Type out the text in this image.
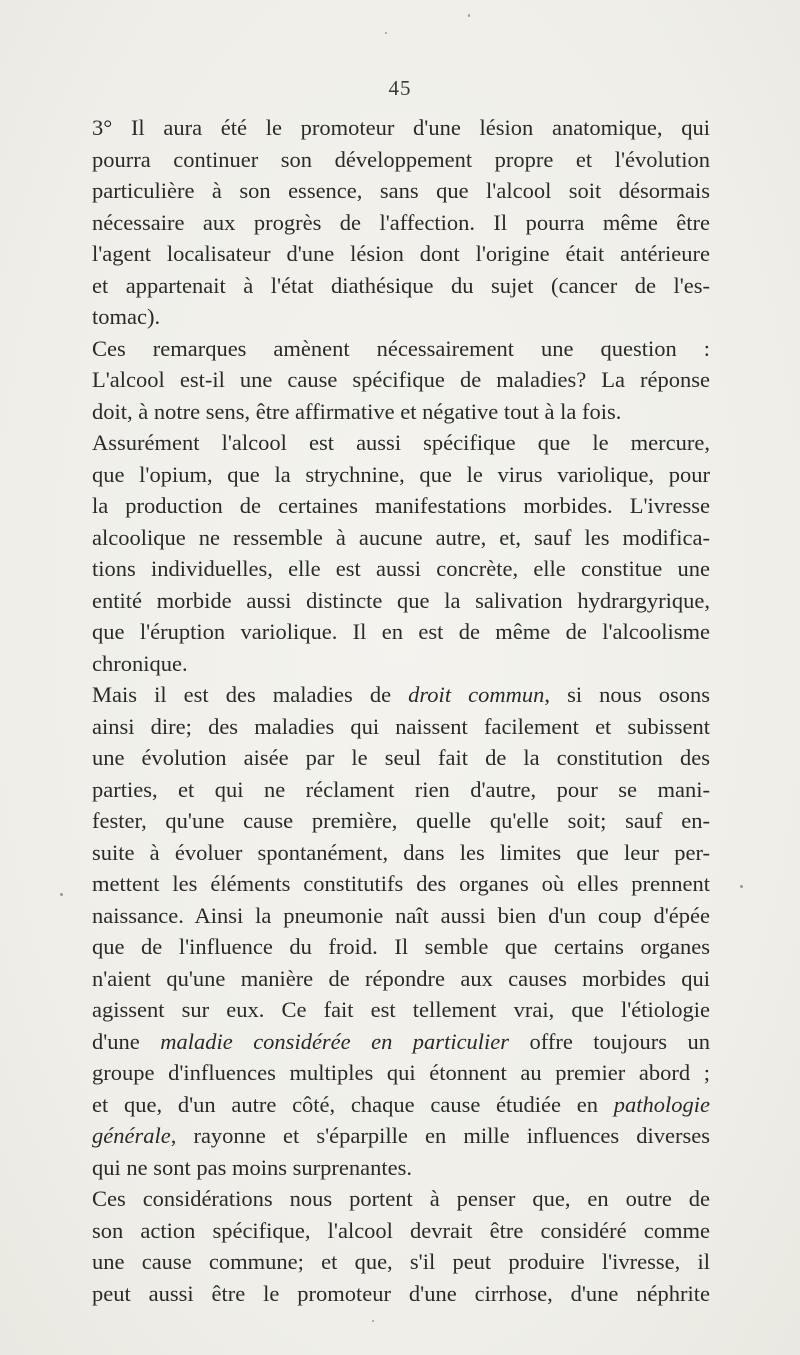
45
3° Il aura été le promoteur d'une lésion anatomique, qui
pourra continuer son développement propre et l'évolution
particulière à son essence, sans que l'alcool soit désormais
nécessaire aux progrès de l'affection. Il pourra même être
l'agent localisateur d'une lésion dont l'origine était antérieure
et appartenait à l'état diathésique du sujet (cancer de l'es-
tomac).
Ces remarques amènent nécessairement une question :
L'alcool est-il une cause spécifique de maladies? La réponse
doit, à notre sens, être affirmative et négative tout à la fois.
Assurément l'alcool est aussi spécifique que le mercure,
que l'opium, que la strychnine, que le virus variolique, pour
la production de certaines manifestations morbides. L'ivresse
alcoolique ne ressemble à aucune autre, et, sauf les modifica-
tions individuelles, elle est aussi concrète, elle constitue une
entité morbide aussi distincte que la salivation hydrargyrique,
que l'éruption variolique. Il en est de même de l'alcoolisme
chronique.
Mais il est des maladies de droit commun, si nous osons
ainsi dire; des maladies qui naissent facilement et subissent
une évolution aisée par le seul fait de la constitution des
parties, et qui ne réclament rien d'autre, pour se mani-
fester, qu'une cause première, quelle qu'elle soit; sauf en-
suite à évoluer spontanément, dans les limites que leur per-
mettent les éléments constitutifs des organes où elles prennent
naissance. Ainsi la pneumonie naît aussi bien d'un coup d'épée
que de l'influence du froid. Il semble que certains organes
n'aient qu'une manière de répondre aux causes morbides qui
agissent sur eux. Ce fait est tellement vrai, que l'étiologie
d'une maladie considérée en particulier offre toujours un
groupe d'influences multiples qui étonnent au premier abord ;
et que, d'un autre côté, chaque cause étudiée en pathologie
générale, rayonne et s'éparpille en mille influences diverses
qui ne sont pas moins surprenantes.
Ces considérations nous portent à penser que, en outre de
son action spécifique, l'alcool devrait être considéré comme
une cause commune; et que, s'il peut produire l'ivresse, il
peut aussi être le promoteur d'une cirrhose, d'une néphrite
